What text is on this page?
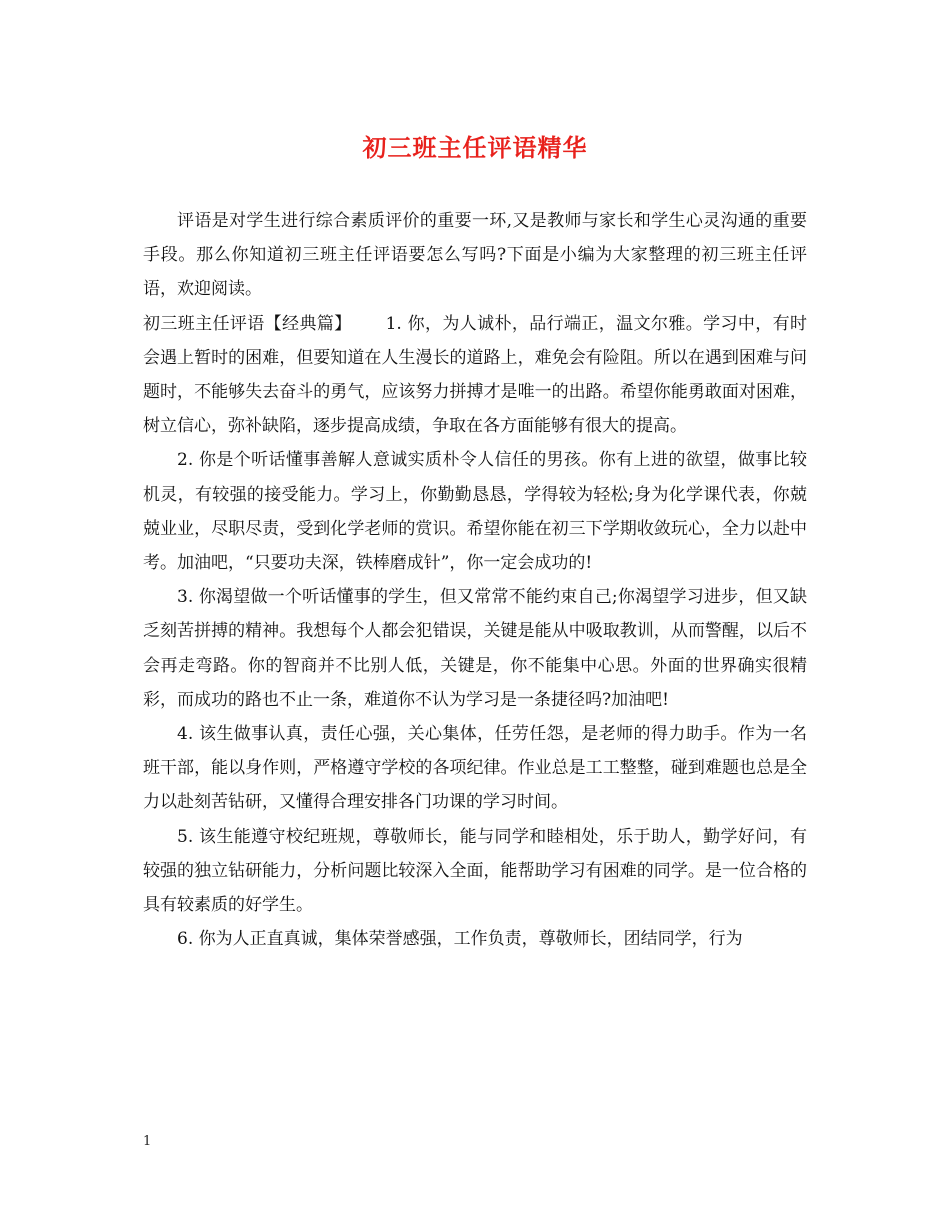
初三班主任评语精华

评语是对学生进行综合素质评价的重要一环,又是教师与家长和学生心灵沟通的重要手段。那么你知道初三班主任评语要怎么写吗?下面是小编为大家整理的初三班主任评语，欢迎阅读。

初三班主任评语【经典篇】 1. 你，为人诚朴，品行端正，温文尔雅。学习中，有时会遇上暂时的困难，但要知道在人生漫长的道路上，难免会有险阻。所以在遇到困难与问题时，不能够失去奋斗的勇气，应该努力拼搏才是唯一的出路。希望你能勇敢面对困难，树立信心，弥补缺陷，逐步提高成绩，争取在各方面能够有很大的提高。

2. 你是个听话懂事善解人意诚实质朴令人信任的男孩。你有上进的欲望，做事比较机灵，有较强的接受能力。学习上，你勤勤恳恳，学得较为轻松;身为化学课代表，你兢兢业业，尽职尽责，受到化学老师的赏识。希望你能在初三下学期收敛玩心，全力以赴中考。加油吧，“只要功夫深，铁棒磨成针”，你一定会成功的!

3. 你渴望做一个听话懂事的学生，但又常常不能约束自己;你渴望学习进步，但又缺乏刻苦拼搏的精神。我想每个人都会犯错误，关键是能从中吸取教训，从而警醒，以后不会再走弯路。你的智商并不比别人低，关键是，你不能集中心思。外面的世界确实很精彩，而成功的路也不止一条，难道你不认为学习是一条捷径吗?加油吧!

4. 该生做事认真，责任心强，关心集体，任劳任怨，是老师的得力助手。作为一名班干部，能以身作则，严格遵守学校的各项纪律。作业总是工工整整，碰到难题也总是全力以赴刻苦钻研，又懂得合理安排各门功课的学习时间。

5. 该生能遵守校纪班规，尊敬师长，能与同学和睦相处，乐于助人，勤学好问，有较强的独立钻研能力，分析问题比较深入全面，能帮助学习有困难的同学。是一位合格的具有较素质的好学生。

6. 你为人正直真诚，集体荣誉感强，工作负责，尊敬师长，团结同学，行为

1
